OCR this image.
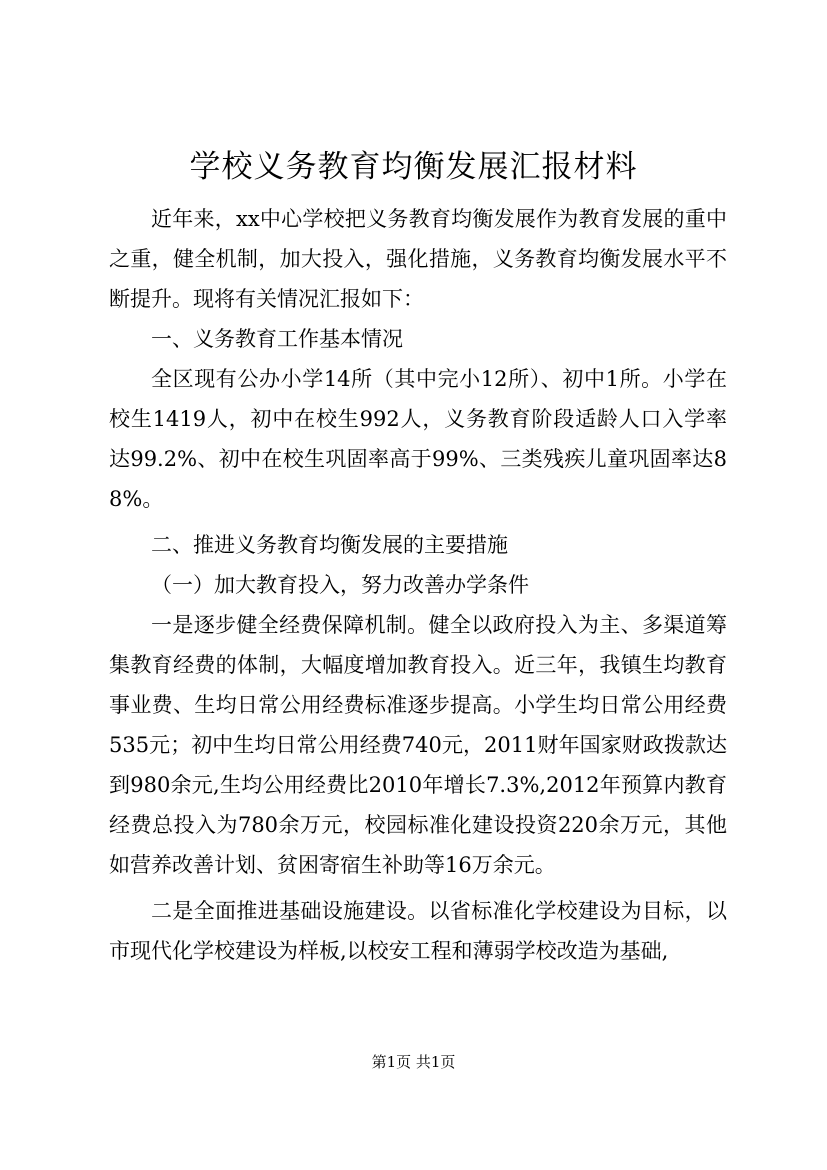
学校义务教育均衡发展汇报材料

近年来，xx中心学校把义务教育均衡发展作为教育发展的重中之重，健全机制，加大投入，强化措施，义务教育均衡发展水平不断提升。现将有关情况汇报如下：

一、义务教育工作基本情况

全区现有公办小学14所（其中完小12所）、初中1所。小学在校生1419人，初中在校生992人，义务教育阶段适龄人口入学率达99.2%、初中在校生巩固率高于99%、三类残疾儿童巩固率达88%。

二、推进义务教育均衡发展的主要措施

（一）加大教育投入，努力改善办学条件

一是逐步健全经费保障机制。健全以政府投入为主、多渠道筹集教育经费的体制，大幅度增加教育投入。近三年，我镇生均教育事业费、生均日常公用经费标准逐步提高。小学生均日常公用经费535元；初中生均日常公用经费740元，2011财年国家财政拨款达到980余元,生均公用经费比2010年增长7.3%,2012年预算内教育经费总投入为780余万元，校园标准化建设投资220余万元，其他如营养改善计划、贫困寄宿生补助等16万余元。

二是全面推进基础设施建设。以省标准化学校建设为目标，以市现代化学校建设为样板,以校安工程和薄弱学校改造为基础,

第1页 共1页
